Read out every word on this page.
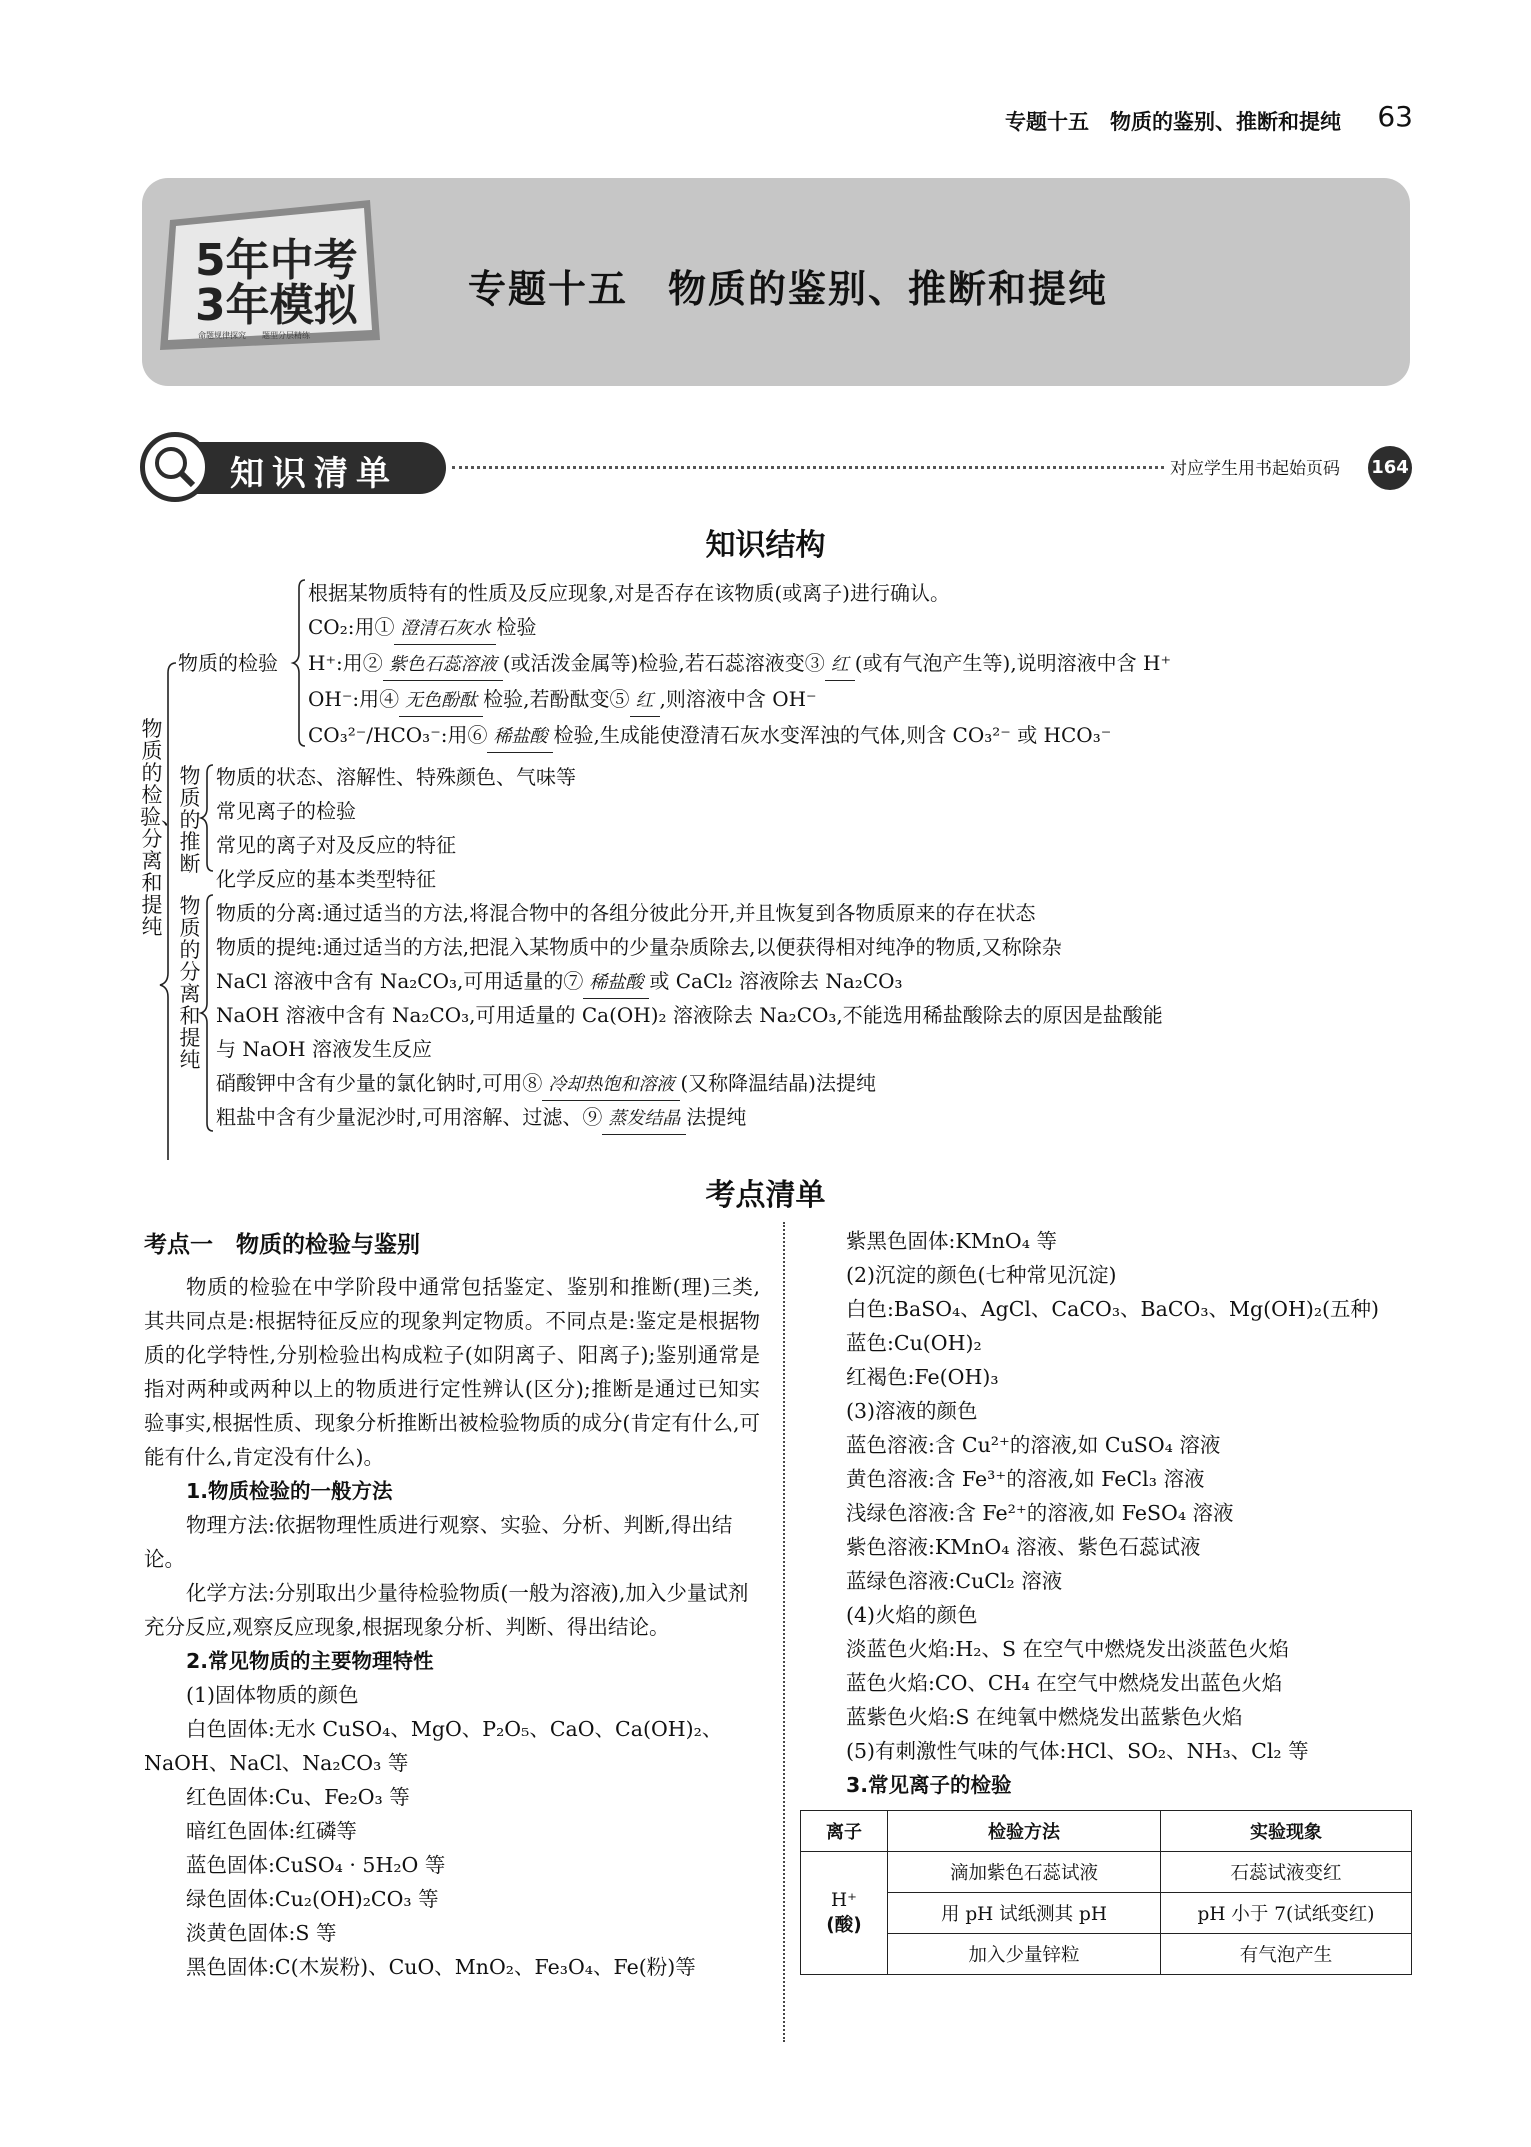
专题十五　物质的鉴别、推断和提纯 63
5年中考
3年模拟
命题规律探究　　题型分层精练
专题十五　物质的鉴别、推断和提纯
知识清单	对应学生用书起始页码 164
知识结构
物质的检验、分离和提纯
物质的检验
物质的推断
物质的分离和提纯
根据某物质特有的性质及反应现象,对是否存在该物质(或离子)进行确认。
CO₂:用① 澄清石灰水 检验
H⁺:用② 紫色石蕊溶液 (或活泼金属等)检验,若石蕊溶液变③ 红 (或有气泡产生等),说明溶液中含 H⁺
OH⁻:用④ 无色酚酞 检验,若酚酞变⑤ 红 ,则溶液中含 OH⁻
CO₃²⁻/HCO₃⁻:用⑥ 稀盐酸 检验,生成能使澄清石灰水变浑浊的气体,则含 CO₃²⁻ 或 HCO₃⁻
物质的状态、溶解性、特殊颜色、气味等
常见离子的检验
常见的离子对及反应的特征
化学反应的基本类型特征
物质的分离:通过适当的方法,将混合物中的各组分彼此分开,并且恢复到各物质原来的存在状态
物质的提纯:通过适当的方法,把混入某物质中的少量杂质除去,以便获得相对纯净的物质,又称除杂
NaCl 溶液中含有 Na₂CO₃,可用适量的⑦ 稀盐酸 或 CaCl₂ 溶液除去 Na₂CO₃
NaOH 溶液中含有 Na₂CO₃,可用适量的 Ca(OH)₂ 溶液除去 Na₂CO₃,不能选用稀盐酸除去的原因是盐酸能
与 NaOH 溶液发生反应
硝酸钾中含有少量的氯化钠时,可用⑧ 冷却热饱和溶液 (又称降温结晶)法提纯
粗盐中含有少量泥沙时,可用溶解、过滤、⑨ 蒸发结晶 法提纯
考点清单

考点一　物质的检验与鉴别

物质的检验在中学阶段中通常包括鉴定、鉴别和推断(理)三类,其共同点是:根据特征反应的现象判定物质。不同点是:鉴定是根据物质的化学特性,分别检验出构成粒子(如阴离子、阳离子);鉴别通常是指对两种或两种以上的物质进行定性辨认(区分);推断是通过已知实验事实,根据性质、现象分析推断出被检验物质的成分(肯定有什么,可能有什么,肯定没有什么)。

1.物质检验的一般方法

物理方法:依据物理性质进行观察、实验、分析、判断,得出结论。

化学方法:分别取出少量待检验物质(一般为溶液),加入少量试剂充分反应,观察反应现象,根据现象分析、判断、得出结论。

2.常见物质的主要物理特性

(1)固体物质的颜色

白色固体:无水 CuSO₄、MgO、P₂O₅、CaO、Ca(OH)₂、NaOH、NaCl、Na₂CO₃ 等

红色固体:Cu、Fe₂O₃ 等

暗红色固体:红磷等

蓝色固体:CuSO₄ · 5H₂O 等

绿色固体:Cu₂(OH)₂CO₃ 等

淡黄色固体:S 等

黑色固体:C(木炭粉)、CuO、MnO₂、Fe₃O₄、Fe(粉)等

紫黑色固体:KMnO₄ 等

(2)沉淀的颜色(七种常见沉淀)

白色:BaSO₄、AgCl、CaCO₃、BaCO₃、Mg(OH)₂(五种)

蓝色:Cu(OH)₂

红褐色:Fe(OH)₃

(3)溶液的颜色

蓝色溶液:含 Cu²⁺的溶液,如 CuSO₄ 溶液

黄色溶液:含 Fe³⁺的溶液,如 FeCl₃ 溶液

浅绿色溶液:含 Fe²⁺的溶液,如 FeSO₄ 溶液

紫色溶液:KMnO₄ 溶液、紫色石蕊试液

蓝绿色溶液:CuCl₂ 溶液

(4)火焰的颜色

淡蓝色火焰:H₂、S 在空气中燃烧发出淡蓝色火焰

蓝色火焰:CO、CH₄ 在空气中燃烧发出蓝色火焰

蓝紫色火焰:S 在纯氧中燃烧发出蓝紫色火焰

(5)有刺激性气味的气体:HCl、SO₂、NH₃、Cl₂ 等

3.常见离子的检验

离子	检验方法	实验现象

H⁺
(酸)	滴加紫色石蕊试液	石蕊试液变红
	用 pH 试纸测其 pH	pH 小于 7(试纸变红)
	加入少量锌粒	有气泡产生
